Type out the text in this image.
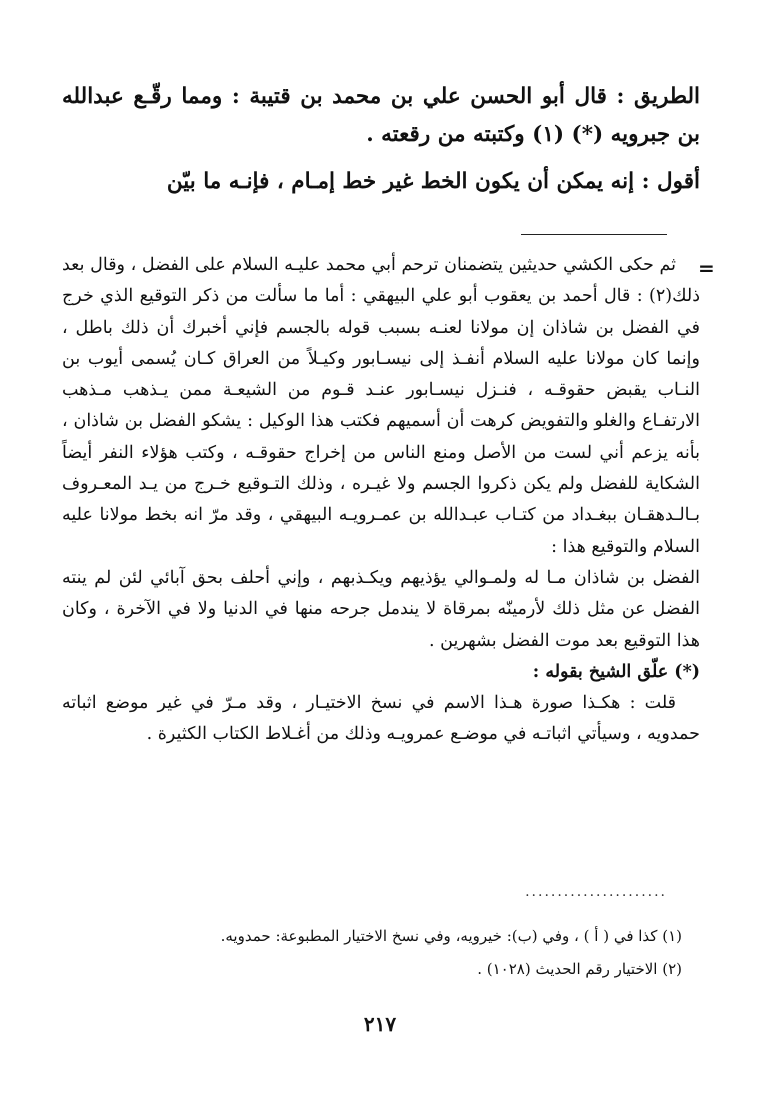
الطريق : قال أبو الحسن علي بن محمد بن قتيبة : ومما رقّـع عبدالله بن جبرويه (*) (١) وكتبته من رقعته .

أقول : إنه يمكن أن يكون الخط غير خط إمـام ، فإنـه ما بيّن

=

ثم حكى الكشي حديثين يتضمنان ترحم أبي محمد عليـه السلام على الفضل ، وقال بعد ذلك(٢) : قال أحمد بن يعقوب أبو علي البيهقي : أما ما سألت من ذكر التوقيع الذي خرج في الفضل بن شاذان إن مولانا لعنـه بسبب قوله بالجسم فإني أخبرك أن ذلك باطل ، وإنما كان مولانا عليه السلام أنفـذ إلى نيسـابور وكيـلاً من العراق كـان يُسمى أيوب بن النـاب يقبض حقوقـه ، فنـزل نيسـابور عنـد قـوم من الشيعـة ممن يـذهب مـذهب الارتفـاع والغلو والتفويض كرهت أن أسميهم فكتب هذا الوكيل : يشكو الفضل بن شاذان ، بأنه يزعم أني لست من الأصل ومنع الناس من إخراج حقوقـه ، وكتب هؤلاء النفر أيضاً الشكاية للفضل ولم يكن ذكروا الجسم ولا غيـره ، وذلك التـوقيع خـرج من يـد المعـروف بـالـدهقـان ببغـداد من كتـاب عبـدالله بن عمـرويـه البيهقي ، وقد مرّ انه بخط مولانا عليه السلام والتوقيع هذا :

الفضل بن شاذان مـا له ولمـوالي يؤذيهم ويكـذبهم ، وإني أحلف بحق آبائي لئن لم ينته الفضل عن مثل ذلك لأرمينّه بمرقاة لا يندمل جرحه منها في الدنيا ولا في الآخرة ، وكان هذا التوقيع بعد موت الفضل بشهرين .

(*) علّق الشيخ بقوله :

قلت : هكـذا صورة هـذا الاسم في نسخ الاختيـار ، وقد مـرّ في غير موضع اثباته حمدويه ، وسيأتي اثباتـه في موضـع عمرويـه وذلك من أغـلاط الكتاب الكثيرة .

......................

(١) كذا في ( أ ) ، وفي (ب): خيرويه، وفي نسخ الاختيار المطبوعة: حمدويه.

(٢) الاختيار رقم الحديث (١٠٢٨) .

٢١٧
